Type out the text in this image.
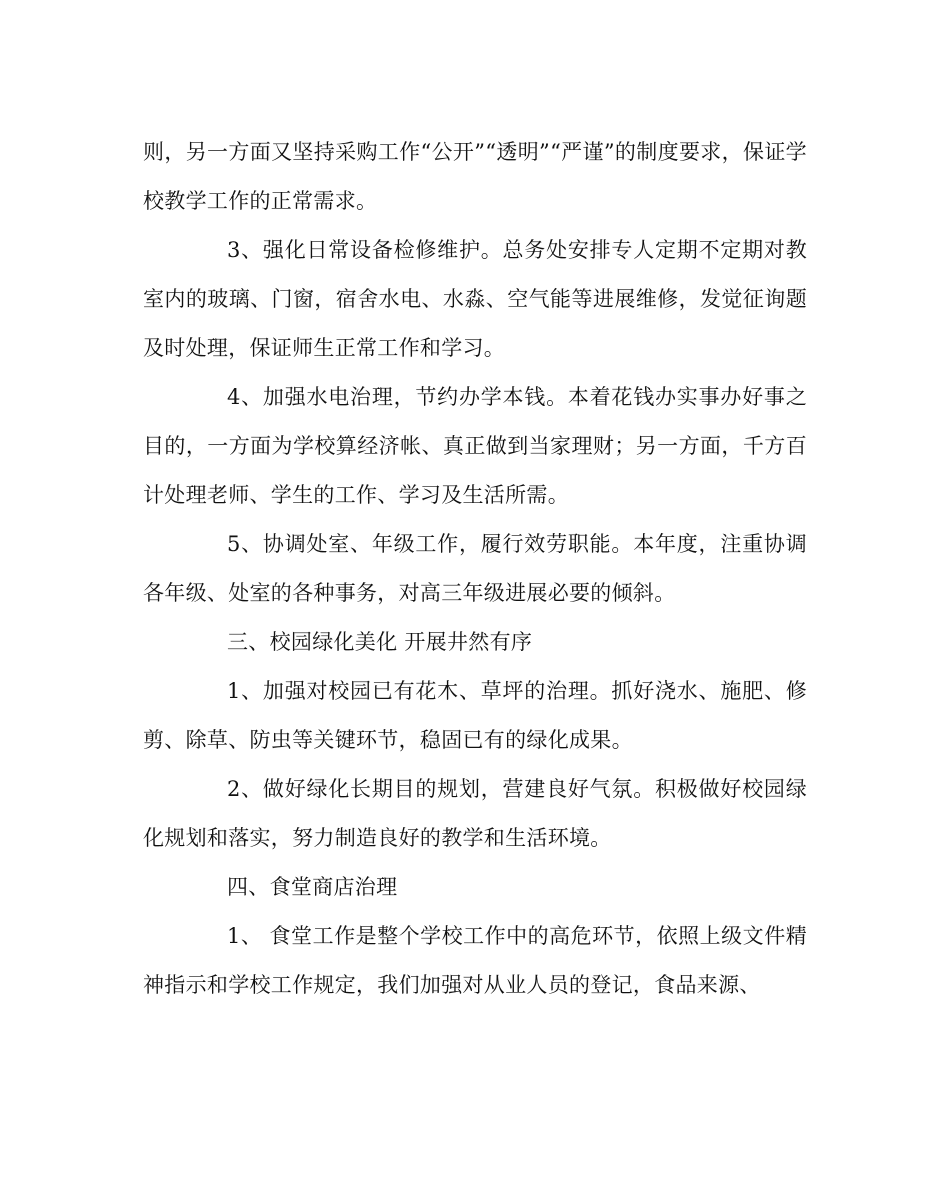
则，另一方面又坚持采购工作“公开”“透明”“严谨”的制度要求，保证学校教学工作的正常需求。

3、强化日常设备检修维护。总务处安排专人定期不定期对教室内的玻璃、门窗，宿舍水电、水淼、空气能等进展维修，发觉征询题及时处理，保证师生正常工作和学习。

4、加强水电治理，节约办学本钱。本着花钱办实事办好事之目的，一方面为学校算经济帐、真正做到当家理财；另一方面，千方百计处理老师、学生的工作、学习及生活所需。

5、协调处室、年级工作，履行效劳职能。本年度，注重协调各年级、处室的各种事务，对高三年级进展必要的倾斜。

三、校园绿化美化 开展井然有序

1、加强对校园已有花木、草坪的治理。抓好浇水、施肥、修剪、除草、防虫等关键环节，稳固已有的绿化成果。

2、做好绿化长期目的规划，营建良好气氛。积极做好校园绿化规划和落实，努力制造良好的教学和生活环境。

四、食堂商店治理

1、 食堂工作是整个学校工作中的高危环节，依照上级文件精神指示和学校工作规定，我们加强对从业人员的登记，食品来源、
